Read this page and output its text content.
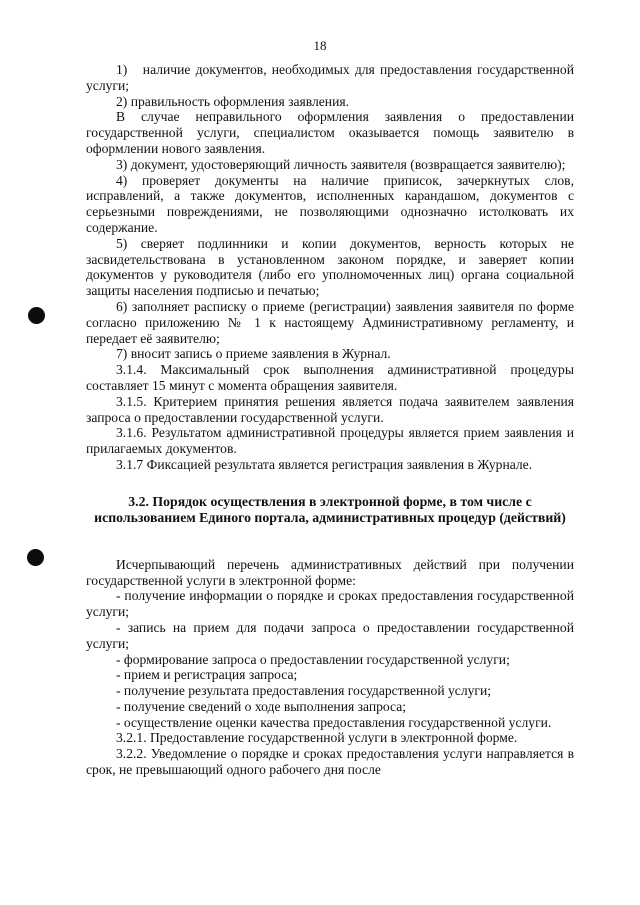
18

1)   наличие документов, необходимых для предоставления государственной услуги;

2) правильность оформления заявления.

В случае неправильного оформления заявления о предоставлении государственной услуги, специалистом оказывается помощь заявителю в оформлении нового заявления.

3) документ, удостоверяющий личность заявителя (возвращается заявителю);

4) проверяет документы на наличие приписок, зачеркнутых слов, исправлений, а также документов, исполненных карандашом, документов с серьезными повреждениями, не позволяющими однозначно истолковать их содержание.

5) сверяет подлинники и копии документов, верность которых не засвидетельствована в установленном законом порядке, и заверяет копии документов у руководителя (либо его уполномоченных лиц) органа социальной защиты населения подписью и печатью;

6) заполняет расписку о приеме (регистрации) заявления заявителя по форме согласно приложению № 1 к настоящему Административному регламенту, и передает её заявителю;

7) вносит запись о приеме заявления в Журнал.

3.1.4. Максимальный срок выполнения административной процедуры составляет 15 минут с момента обращения заявителя.

3.1.5. Критерием принятия решения является подача заявителем заявления запроса о предоставлении государственной услуги.

3.1.6. Результатом административной процедуры является прием заявления и прилагаемых документов.

3.1.7 Фиксацией результата является регистрация заявления в Журнале.

3.2. Порядок осуществления в электронной форме, в том числе с использованием Единого портала, административных процедур (действий)

Исчерпывающий перечень административных действий при получении государственной услуги в электронной форме:

- получение информации о порядке и сроках предоставления государственной услуги;

- запись на прием для подачи запроса о предоставлении государственной услуги;

- формирование запроса о предоставлении государственной услуги;

- прием и регистрация запроса;

- получение результата предоставления государственной услуги;

- получение сведений о ходе выполнения запроса;

- осуществление оценки качества предоставления государственной услуги.

3.2.1. Предоставление государственной услуги в электронной форме.

3.2.2. Уведомление о порядке и сроках предоставления услуги направляется в срок, не превышающий одного рабочего дня после
